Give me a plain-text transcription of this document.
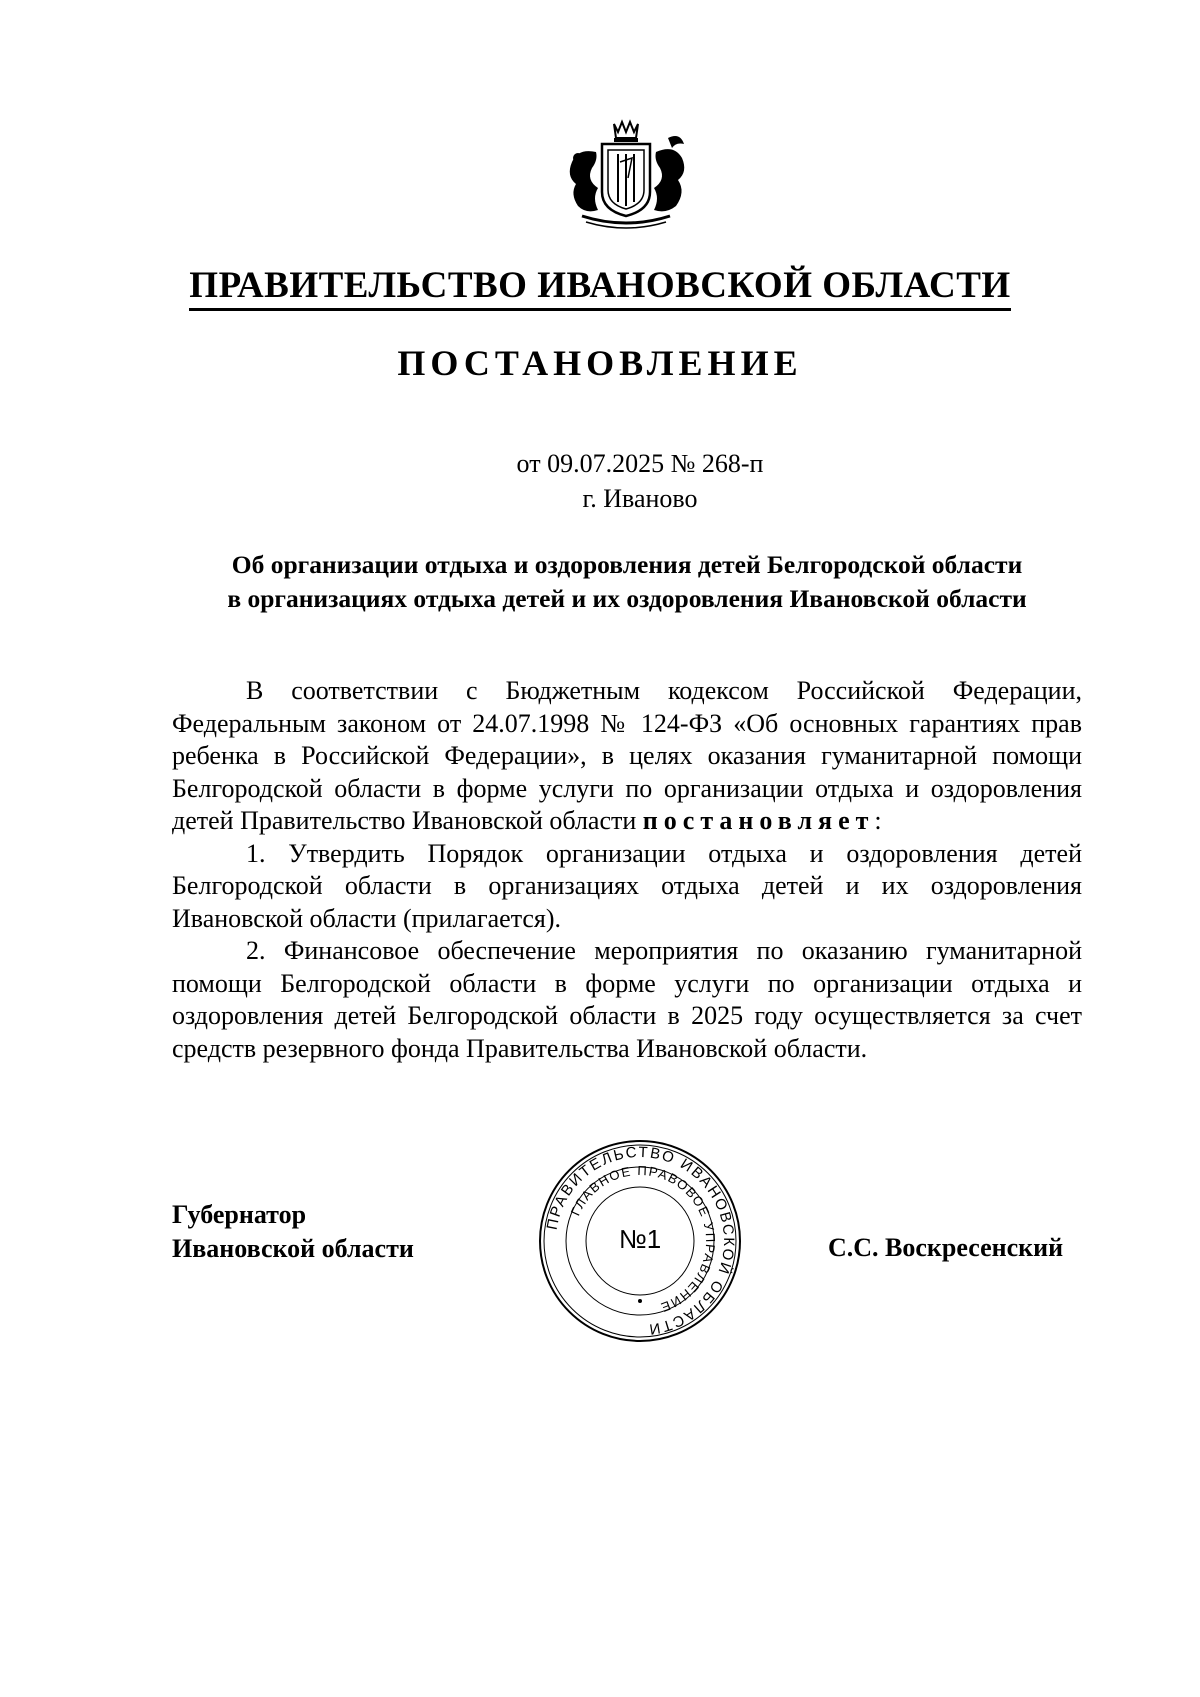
ПРАВИТЕЛЬСТВО ИВАНОВСКОЙ ОБЛАСТИ
ПОСТАНОВЛЕНИЕ
от 09.07.2025 № 268-п
г. Иваново
Об организации отдыха и оздоровления детей Белгородской области
в организациях отдыха детей и их оздоровления Ивановской области

В соответствии с Бюджетным кодексом Российской Федерации, Федеральным законом от 24.07.1998 № 124-ФЗ «Об основных гарантиях прав ребенка в Российской Федерации», в целях оказания гуманитарной помощи Белгородской области в форме услуги по организации отдыха и оздоровления детей Правительство Ивановской области постановляет:

1. Утвердить Порядок организации отдыха и оздоровления детей Белгородской области в организациях отдыха детей и их оздоровления Ивановской области (прилагается).

2. Финансовое обеспечение мероприятия по оказанию гуманитарной помощи Белгородской области в форме услуги по организации отдыха и оздоровления детей Белгородской области в 2025 году осуществляется за счет средств резервного фонда Правительства Ивановской области.

Губернатор
Ивановской области	С.С. Воскресенский
ПРАВИТЕЛЬСТВО ИВАНОВСКОЙ ОБЛАСТИ
ГЛАВНОЕ ПРАВОВОЕ УПРАВЛЕНИЕ
№1
